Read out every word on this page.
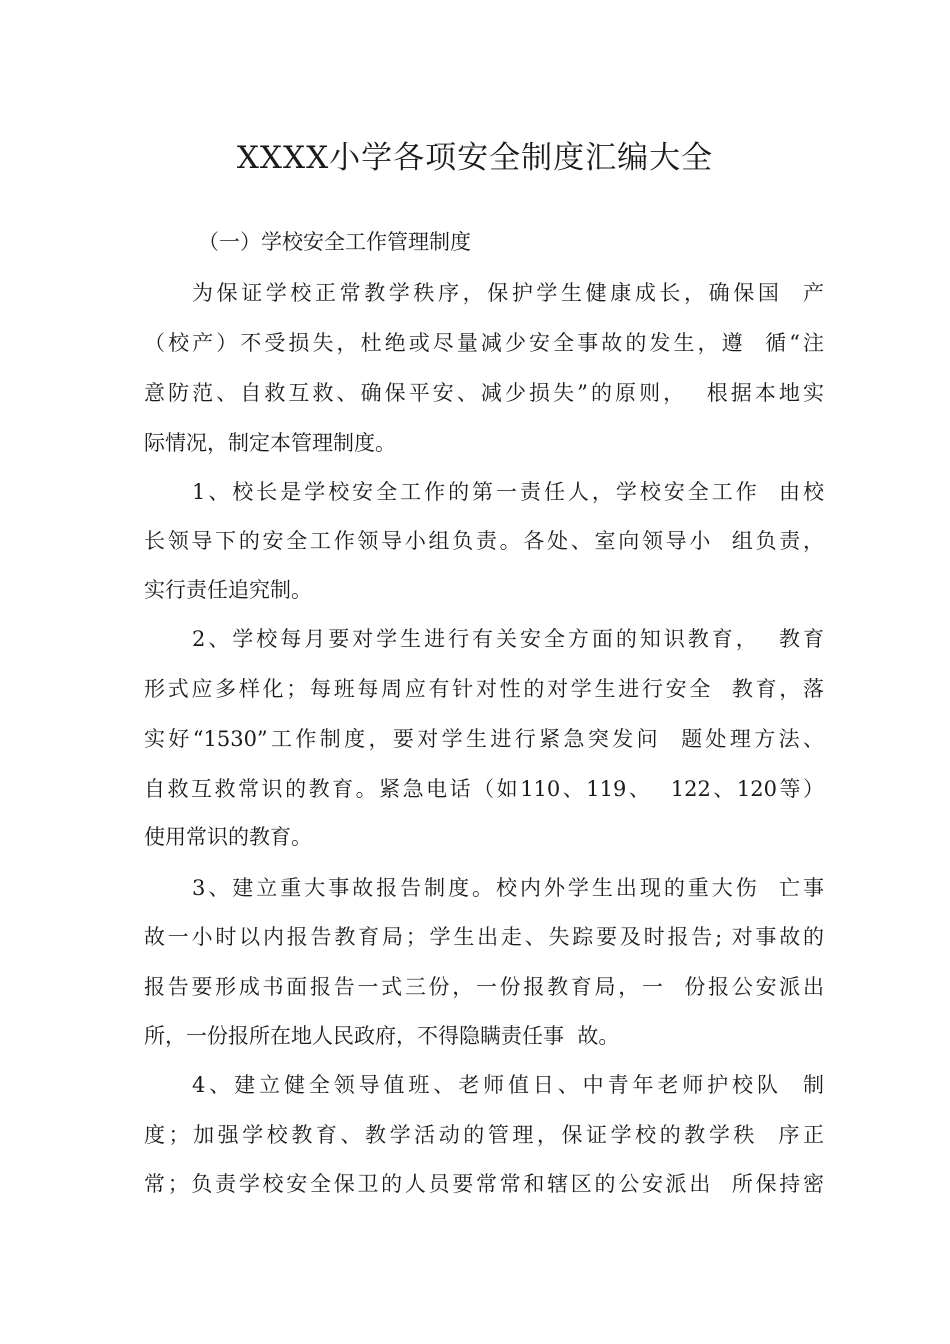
XXXX小学各项安全制度汇编大全
（一）学校安全工作管理制度
为保证学校正常教学秩序，保护学生健康成长，确保国  产
（校产）不受损失，杜绝或尽量减少安全事故的发生，遵  循“注
意防范、自救互救、确保平安、减少损失”的原则，  根据本地实
际情况，制定本管理制度。
1、校长是学校安全工作的第一责任人，学校安全工作  由校
长领导下的安全工作领导小组负责。各处、室向领导小  组负责，
实行责任追究制。
2、学校每月要对学生进行有关安全方面的知识教育，  教育
形式应多样化；每班每周应有针对性的对学生进行安全  教育，落
实好“1530”工作制度，要对学生进行紧急突发问  题处理方法、
自救互救常识的教育。紧急电话（如110、119、  122、120等）
使用常识的教育。
3、建立重大事故报告制度。校内外学生出现的重大伤  亡事
故一小时以内报告教育局；学生出走、失踪要及时报告; 对事故的
报告要形成书面报告一式三份，一份报教育局，一  份报公安派出
所，一份报所在地人民政府，不得隐瞒责任事  故。
4、建立健全领导值班、老师值日、中青年老师护校队  制
度；加强学校教育、教学活动的管理，保证学校的教学秩  序正
常；负责学校安全保卫的人员要常常和辖区的公安派出  所保持密
